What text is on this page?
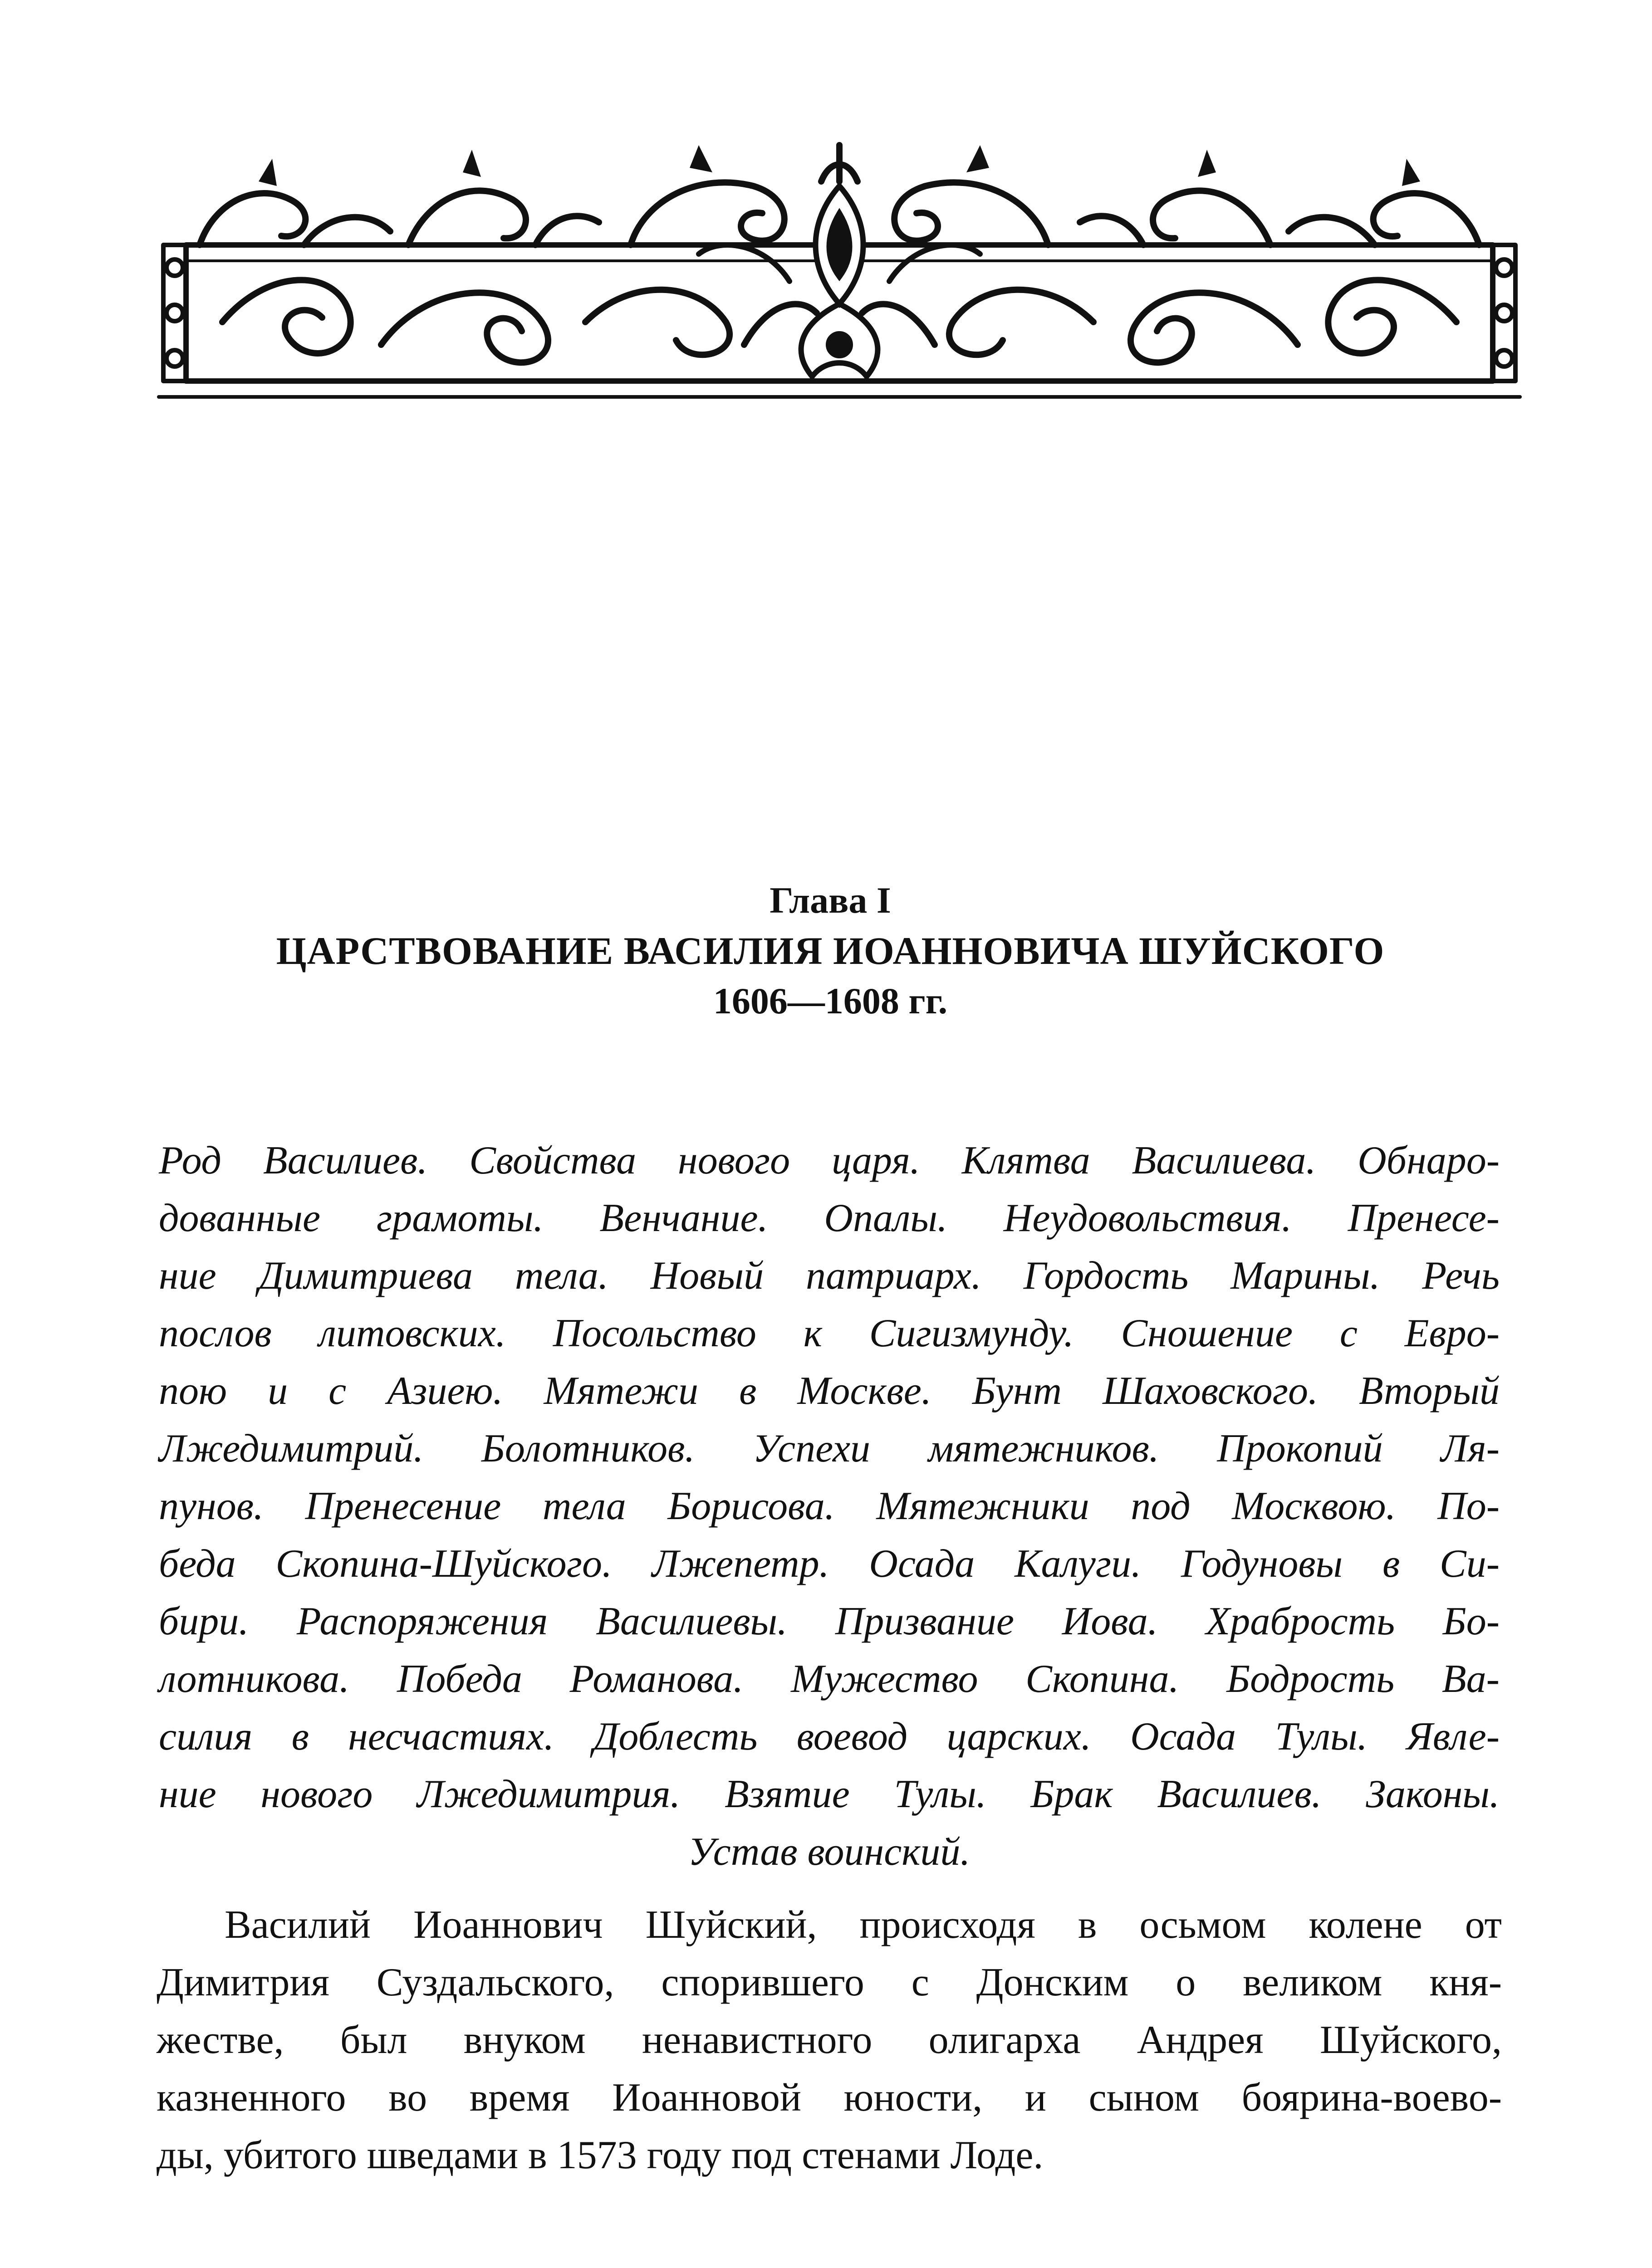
Глава I
ЦАРСТВОВАНИЕ ВАСИЛИЯ ИОАННОВИЧА ШУЙСКОГО
1606—1608 гг.
Род Василиев. Свойства нового царя. Клятва Василиева. Обнаро-
дованные грамоты. Венчание. Опалы. Неудовольствия. Пренесе-
ние Димитриева тела. Новый патриарх. Гордость Марины. Речь
послов литовских. Посольство к Сигизмунду. Сношение с Евро-
пою и с Азиею. Мятежи в Москве. Бунт Шаховского. Вторый
Лжедимитрий. Болотников. Успехи мятежников. Прокопий Ля-
пунов. Пренесение тела Борисова. Мятежники под Москвою. По-
беда Скопина-Шуйского. Лжепетр. Осада Калуги. Годуновы в Си-
бири. Распоряжения Василиевы. Призвание Иова. Храбрость Бо-
лотникова. Победа Романова. Мужество Скопина. Бодрость Ва-
силия в несчастиях. Доблесть воевод царских. Осада Тулы. Явле-
ние нового Лжедимитрия. Взятие Тулы. Брак Василиев. Законы.
Устав воинский.
Василий Иоаннович Шуйский, происходя в осьмом колене от
Димитрия Суздальского, спорившего с Донским о великом кня-
жестве, был внуком ненавистного олигарха Андрея Шуйского,
казненного во время Иоанновой юности, и сыном боярина-воево-
ды, убитого шведами в 1573 году под стенами Лоде.
